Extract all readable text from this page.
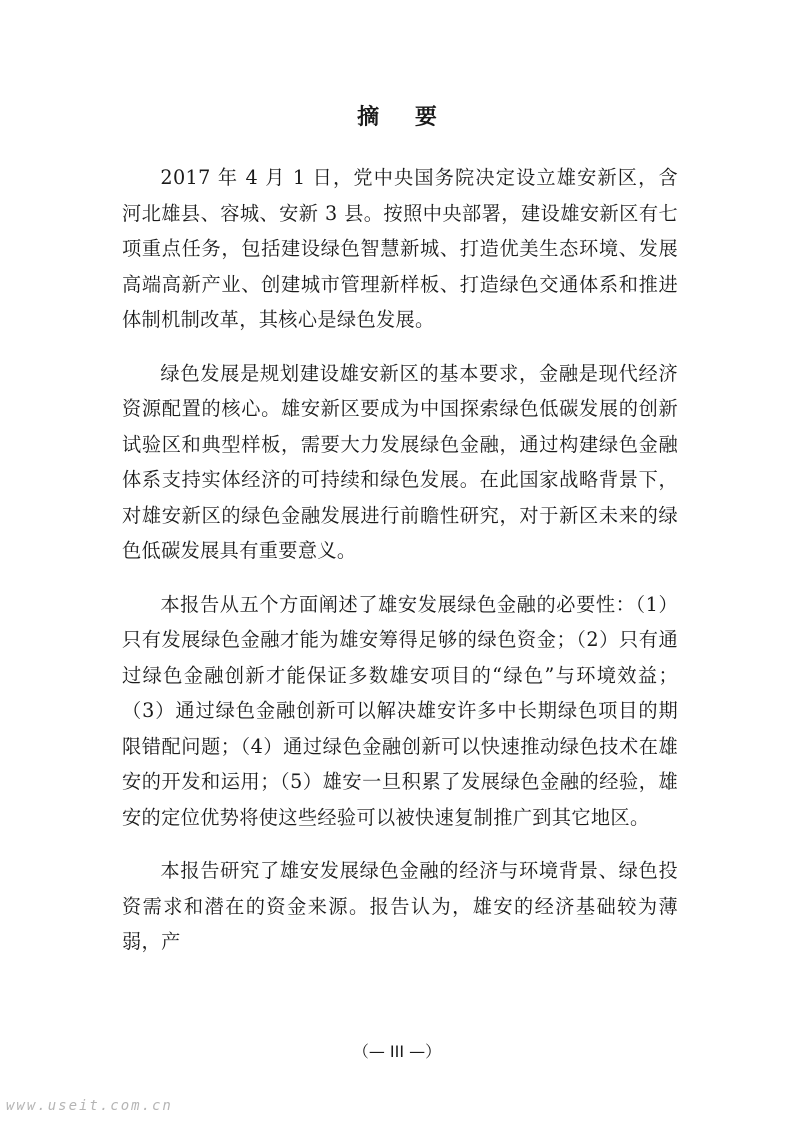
摘 要

2017 年 4 月 1 日，党中央国务院决定设立雄安新区，含河北雄县、容城、安新 3 县。按照中央部署，建设雄安新区有七项重点任务，包括建设绿色智慧新城、打造优美生态环境、发展高端高新产业、创建城市管理新样板、打造绿色交通体系和推进体制机制改革，其核心是绿色发展。

绿色发展是规划建设雄安新区的基本要求，金融是现代经济资源配置的核心。雄安新区要成为中国探索绿色低碳发展的创新试验区和典型样板，需要大力发展绿色金融，通过构建绿色金融体系支持实体经济的可持续和绿色发展。在此国家战略背景下，对雄安新区的绿色金融发展进行前瞻性研究，对于新区未来的绿色低碳发展具有重要意义。

本报告从五个方面阐述了雄安发展绿色金融的必要性：（1）只有发展绿色金融才能为雄安筹得足够的绿色资金；（2）只有通过绿色金融创新才能保证多数雄安项目的“绿色”与环境效益；（3）通过绿色金融创新可以解决雄安许多中长期绿色项目的期限错配问题；（4）通过绿色金融创新可以快速推动绿色技术在雄安的开发和运用；（5）雄安一旦积累了发展绿色金融的经验，雄安的定位优势将使这些经验可以被快速复制推广到其它地区。

本报告研究了雄安发展绿色金融的经济与环境背景、绿色投资需求和潜在的资金来源。报告认为，雄安的经济基础较为薄弱，产

（— III —）
www.useit.com.cn
